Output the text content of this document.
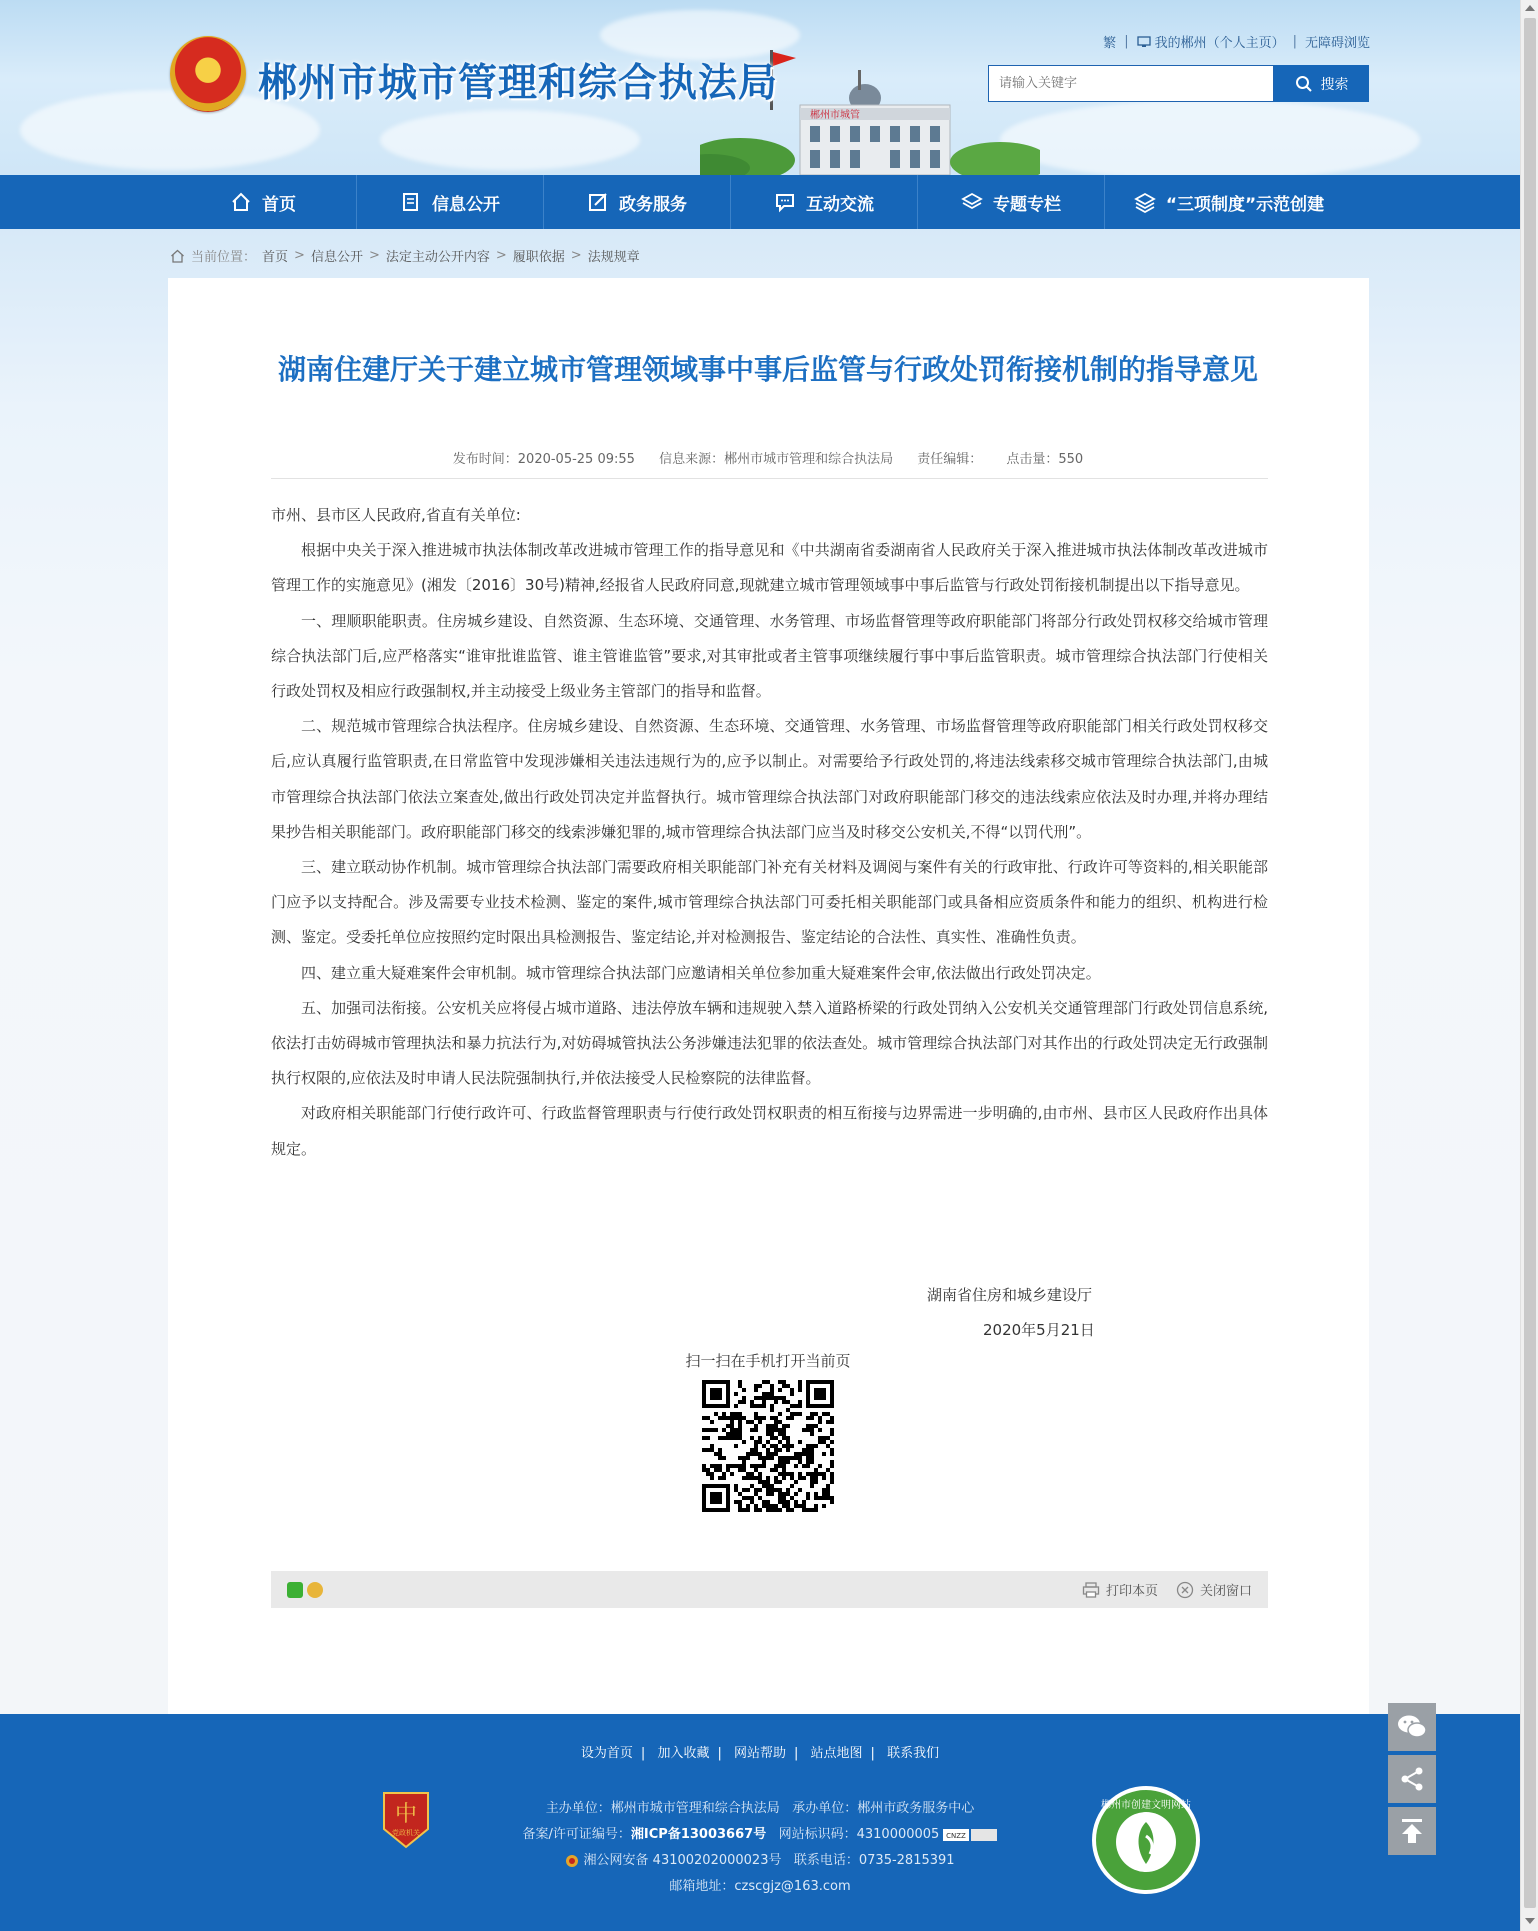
郴州市城管
郴州市城市管理和综合执法局
繁 | 我的郴州（个人主页） | 无障碍浏览
请输入关键字
搜索
首页	信息公开	政务服务	互动交流	专题专栏	“三项制度”示范创建
当前位置： 首页 > 信息公开 > 法定主动公开内容 > 履职依据 > 法规规章
湖南住建厅关于建立城市管理领域事中事后监管与行政处罚衔接机制的指导意见
发布时间：2020-05-25 09:55 信息来源：郴州市城市管理和综合执法局 责任编辑： 点击量：550

市州、县市区人民政府,省直有关单位:

根据中央关于深入推进城市执法体制改革改进城市管理工作的指导意见和《中共湖南省委湖南省人民政府关于深入推进城市执法体制改革改进城市管理工作的实施意见》(湘发〔2016〕30号)精神,经报省人民政府同意,现就建立城市管理领域事中事后监管与行政处罚衔接机制提出以下指导意见。

一、理顺职能职责。住房城乡建设、自然资源、生态环境、交通管理、水务管理、市场监督管理等政府职能部门将部分行政处罚权移交给城市管理综合执法部门后,应严格落实“谁审批谁监管、谁主管谁监管”要求,对其审批或者主管事项继续履行事中事后监管职责。城市管理综合执法部门行使相关行政处罚权及相应行政强制权,并主动接受上级业务主管部门的指导和监督。

二、规范城市管理综合执法程序。住房城乡建设、自然资源、生态环境、交通管理、水务管理、市场监督管理等政府职能部门相关行政处罚权移交后,应认真履行监管职责,在日常监管中发现涉嫌相关违法违规行为的,应予以制止。对需要给予行政处罚的,将违法线索移交城市管理综合执法部门,由城市管理综合执法部门依法立案查处,做出行政处罚决定并监督执行。城市管理综合执法部门对政府职能部门移交的违法线索应依法及时办理,并将办理结果抄告相关职能部门。政府职能部门移交的线索涉嫌犯罪的,城市管理综合执法部门应当及时移交公安机关,不得“以罚代刑”。

三、建立联动协作机制。城市管理综合执法部门需要政府相关职能部门补充有关材料及调阅与案件有关的行政审批、行政许可等资料的,相关职能部门应予以支持配合。涉及需要专业技术检测、鉴定的案件,城市管理综合执法部门可委托相关职能部门或具备相应资质条件和能力的组织、机构进行检测、鉴定。受委托单位应按照约定时限出具检测报告、鉴定结论,并对检测报告、鉴定结论的合法性、真实性、准确性负责。

四、建立重大疑难案件会审机制。城市管理综合执法部门应邀请相关单位参加重大疑难案件会审,依法做出行政处罚决定。

五、加强司法衔接。公安机关应将侵占城市道路、违法停放车辆和违规驶入禁入道路桥梁的行政处罚纳入公安机关交通管理部门行政处罚信息系统,依法打击妨碍城市管理执法和暴力抗法行为,对妨碍城管执法公务涉嫌违法犯罪的依法查处。城市管理综合执法部门对其作出的行政处罚决定无行政强制执行权限的,应依法及时申请人民法院强制执行,并依法接受人民检察院的法律监督。

对政府相关职能部门行使行政许可、行政监督管理职责与行使行政处罚权职责的相互衔接与边界需进一步明确的,由市州、县市区人民政府作出具体规定。

湖南省住房和城乡建设厅
2020年5月21日
扫一扫在手机打开当前页
打印本页	关闭窗口
设为首页 | 加入收藏 | 网站帮助 | 站点地图 | 联系我们
中
党政机关
主办单位：郴州市城市管理和综合执法局 承办单位：郴州市政务服务中心
备案/许可证编号：湘ICP备13003667号 网站标识码：4310000005 CNZZ
湘公网安备 43100202000023号 联系电话：0735-2815391
邮箱地址：czscgjz@163.com
郴州市创建文明网站
